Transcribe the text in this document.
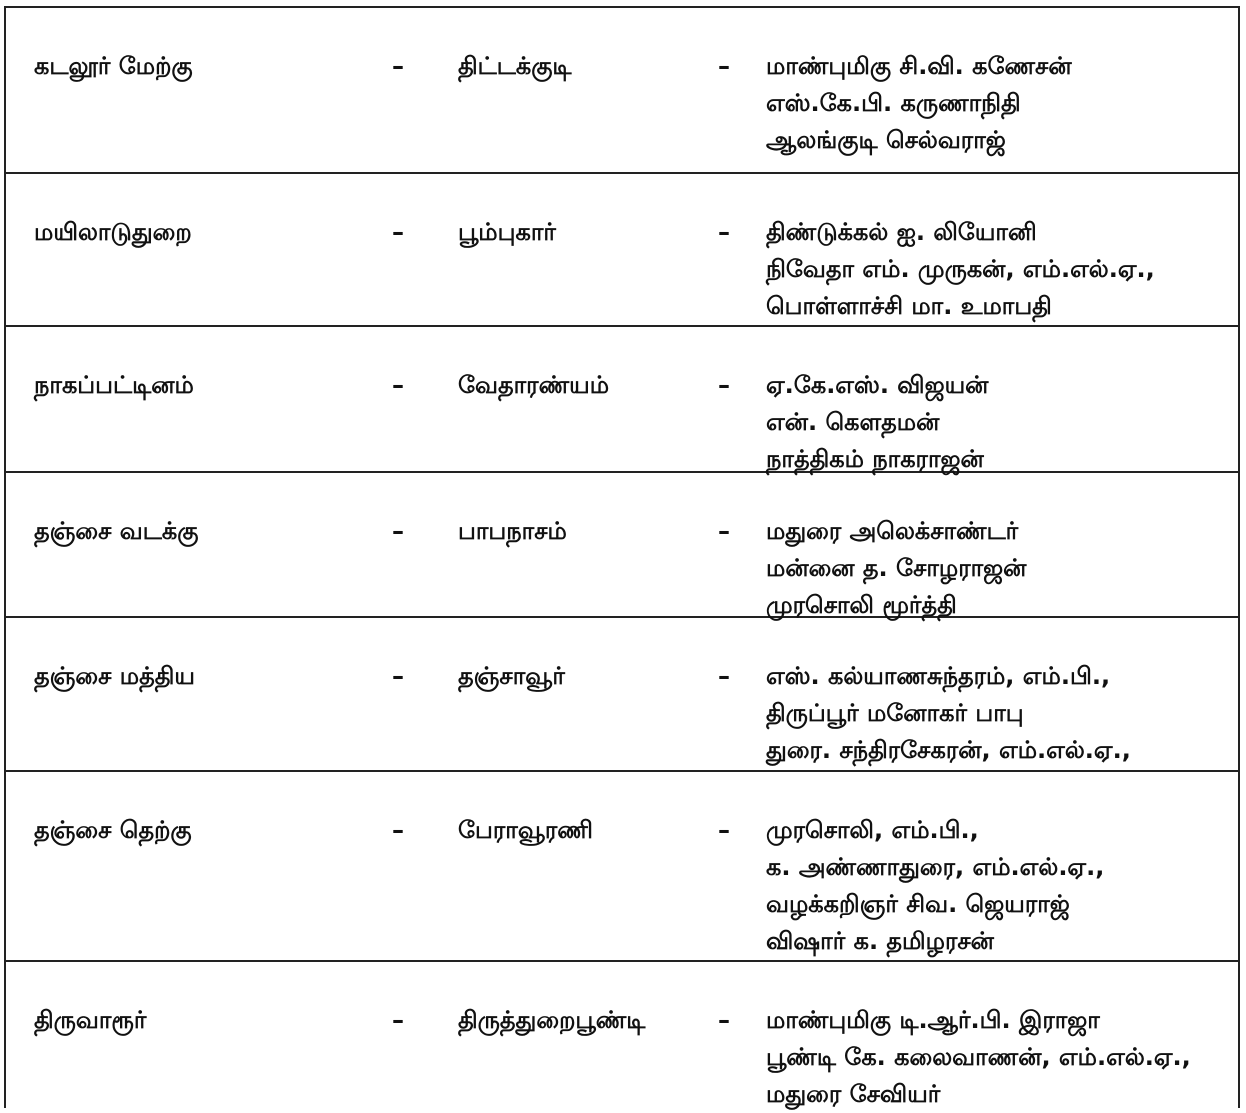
கடலூர் மேற்கு	– திட்டக்குடி	– மாண்புமிகு சி.வி. கணேசன்
எஸ்.கே.பி. கருணாநிதி
ஆலங்குடி செல்வராஜ்
மயிலாடுதுறை	– பூம்புகார்	– திண்டுக்கல் ஐ. லியோனி
நிவேதா எம். முருகன், எம்.எல்.ஏ.,
பொள்ளாச்சி மா. உமாபதி
நாகப்பட்டினம்	– வேதாரண்யம்	– ஏ.கே.எஸ். விஜயன்
என். கௌதமன்
நாத்திகம் நாகராஜன்
தஞ்சை வடக்கு	– பாபநாசம்	– மதுரை அலெக்சாண்டர்
மன்னை த. சோழராஜன்
முரசொலி மூர்த்தி
தஞ்சை மத்திய	– தஞ்சாவூர்	– எஸ். கல்யாணசுந்தரம், எம்.பி.,
திருப்பூர் மனோகர் பாபு
துரை. சந்திரசேகரன், எம்.எல்.ஏ.,
தஞ்சை தெற்கு	– பேராவூரணி	– முரசொலி, எம்.பி.,
க. அண்ணாதுரை, எம்.எல்.ஏ.,
வழக்கறிஞர் சிவ. ஜெயராஜ்
விஷார் க. தமிழரசன்
திருவாரூர்	– திருத்துறைபூண்டி	– மாண்புமிகு டி.ஆர்.பி. இராஜா
பூண்டி கே. கலைவாணன், எம்.எல்.ஏ.,
மதுரை சேவியர்
